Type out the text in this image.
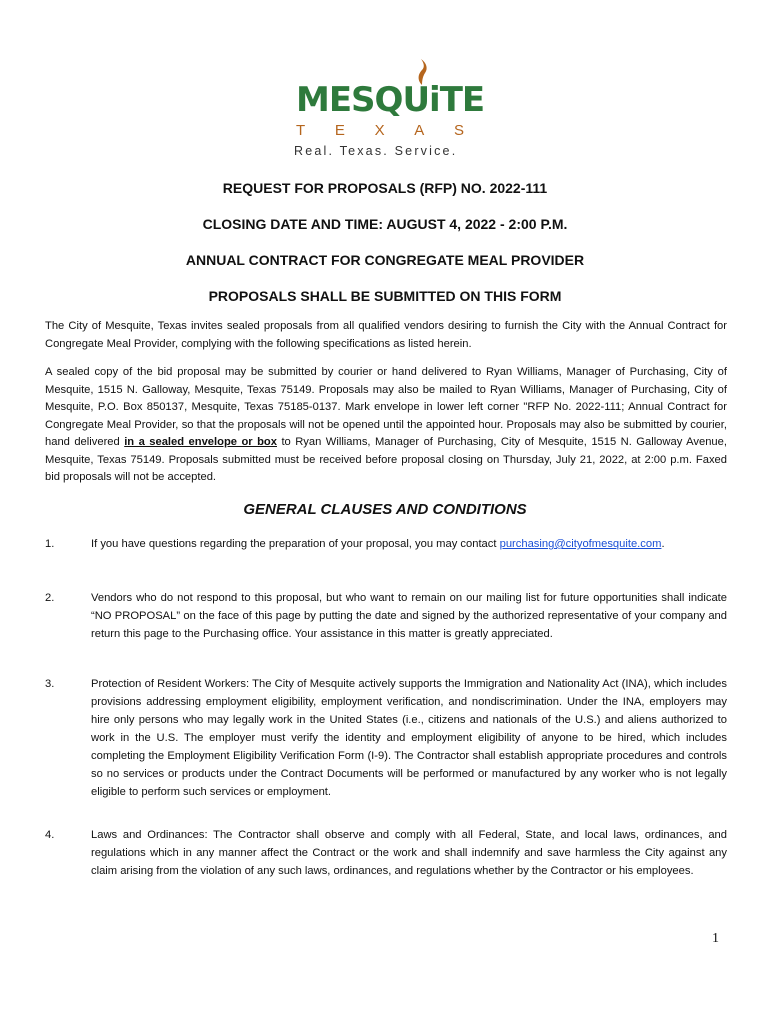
MESQUiTE
T E X A S
Real. Texas. Service.
REQUEST FOR PROPOSALS (RFP) NO. 2022-111
CLOSING DATE AND TIME: AUGUST 4, 2022 - 2:00 P.M.
ANNUAL CONTRACT FOR CONGREGATE MEAL PROVIDER
PROPOSALS SHALL BE SUBMITTED ON THIS FORM
The City of Mesquite, Texas invites sealed proposals from all qualified vendors desiring to furnish the City with the Annual Contract for Congregate Meal Provider, complying with the following specifications as listed herein.
A sealed copy of the bid proposal may be submitted by courier or hand delivered to Ryan Williams, Manager of Purchasing, City of Mesquite, 1515 N. Galloway, Mesquite, Texas 75149. Proposals may also be mailed to Ryan Williams, Manager of Purchasing, City of Mesquite, P.O. Box 850137, Mesquite, Texas 75185-0137. Mark envelope in lower left corner "RFP No. 2022-111; Annual Contract for Congregate Meal Provider, so that the proposals will not be opened until the appointed hour. Proposals may also be submitted by courier, hand delivered in a sealed envelope or box to Ryan Williams, Manager of Purchasing, City of Mesquite, 1515 N. Galloway Avenue, Mesquite, Texas 75149. Proposals submitted must be received before proposal closing on Thursday, July 21, 2022, at 2:00 p.m. Faxed bid proposals will not be accepted.
GENERAL CLAUSES AND CONDITIONS
1.	If you have questions regarding the preparation of your proposal, you may contact purchasing@cityofmesquite.com.
2.	Vendors who do not respond to this proposal, but who want to remain on our mailing list for future opportunities shall indicate “NO PROPOSAL” on the face of this page by putting the date and signed by the authorized representative of your company and return this page to the Purchasing office. Your assistance in this matter is greatly appreciated.
3.	Protection of Resident Workers: The City of Mesquite actively supports the Immigration and Nationality Act (INA), which includes provisions addressing employment eligibility, employment verification, and nondiscrimination. Under the INA, employers may hire only persons who may legally work in the United States (i.e., citizens and nationals of the U.S.) and aliens authorized to work in the U.S. The employer must verify the identity and employment eligibility of anyone to be hired, which includes completing the Employment Eligibility Verification Form (I-9). The Contractor shall establish appropriate procedures and controls so no services or products under the Contract Documents will be performed or manufactured by any worker who is not legally eligible to perform such services or employment.
4.	Laws and Ordinances: The Contractor shall observe and comply with all Federal, State, and local laws, ordinances, and regulations which in any manner affect the Contract or the work and shall indemnify and save harmless the City against any claim arising from the violation of any such laws, ordinances, and regulations whether by the Contractor or his employees.
1
